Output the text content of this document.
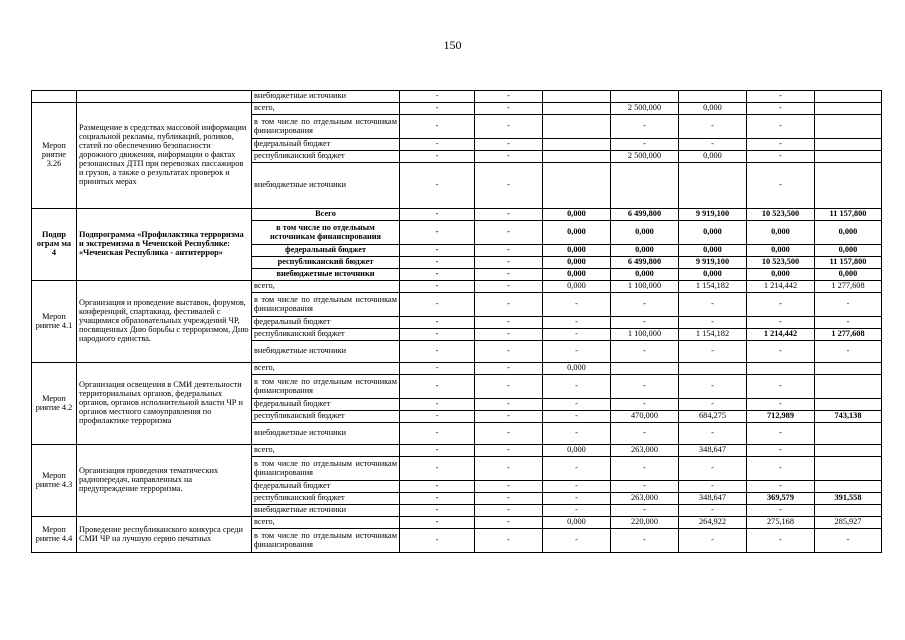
150
		внебюджетные источники	-	-				-	
Мероп риятие 3.26	Размещение в средствах массовой информации социальной рекламы, публикаций, роликов, статей по обеспечению безопасности дорожного движения, информации о фактах резонансных ДТП при перевозках пассажиров и грузов, а также о результатах проверок и принятых мерах	всего,	-	-		2 500,000	0,000	-	
		в том числе по отдельным источникам финансирования	-	-		-	-	-	
		федеральный бюджет	-	-		-	-	-	
		республиканский бюджет	-	-		2 500,000	0,000	-	
		внебюджетные источники	-	-				-	
Подпр ограм ма 4	Подпрограмма «Профилактика терроризма и экстремизма в Чеченской Республике: «Чеченская Республика - антитеррор»	Всего	-	-	0,000	6 499,800	9 919,100	10 523,500	11 157,800
		в том числе по отдельным источникам финансирования	-	-	0,000	0,000	0,000	0,000	0,000
		федеральный бюджет	-	-	0,000	0,000	0,000	0,000	0,000
		республиканский бюджет	-	-	0,000	6 499,800	9 919,100	10 523,500	11 157,800
		внебюджетные источники	-	-	0,000	0,000	0,000	0,000	0,000
Мероп риятие 4.1	Организация и проведение выставок, форумов, конференций, спартакиад, фестивалей с учащимися образовательных учреждений ЧР, посвященных Дню борьбы с терроризмом, Дню народного единства.	всего,	-	-	0,000	1 100,000	1 154,182	1 214,442	1 277,608
		в том числе по отдельным источникам финансирования	-	-	-	-	-	-	-
		федеральный бюджет	-	-	-	-	-	-	-
		республиканский бюджет	-	-	-	1 100,000	1 154,182	1 214,442	1 277,608
		внебюджетные источники	-	-	-	-	-	-	-
Мероп риятие 4.2	Организация освещения в СМИ деятельности территориальных органов, федеральных органов, органов исполнительной власти ЧР и органов местного самоуправления по профилактике терроризма	всего,	-	-	0,000				
		в том числе по отдельным источникам финансирования	-	-	-	-	-	-	
		федеральный бюджет	-	-	-	-	-	-	
		республиканский бюджет	-	-	-	470,000	684,275	712,989	743,138
		внебюджетные источники	-	-	-	-	-	-	
Мероп риятие 4.3	Организация проведения тематических радиопередач, направленных на предупреждение терроризма.	всего,	-	-	0,000	263,000	348,647	-	
		в том числе по отдельным источникам финансирования	-	-	-	-	-	-	
		федеральный бюджет	-	-	-	-	-	-	
		республиканский бюджет	-	-	-	263,000	348,647	369,579	391,558
		внебюджетные источники	-	-	-	-	-	-	
Мероп риятие 4.4	Проведение республиканского конкурса среди СМИ ЧР на лучшую серию печатных	всего,	-	-	0,000	220,000	264,922	275,168	285,927
		в том числе по отдельным источникам финансирования	-	-	-	-	-	-	-
